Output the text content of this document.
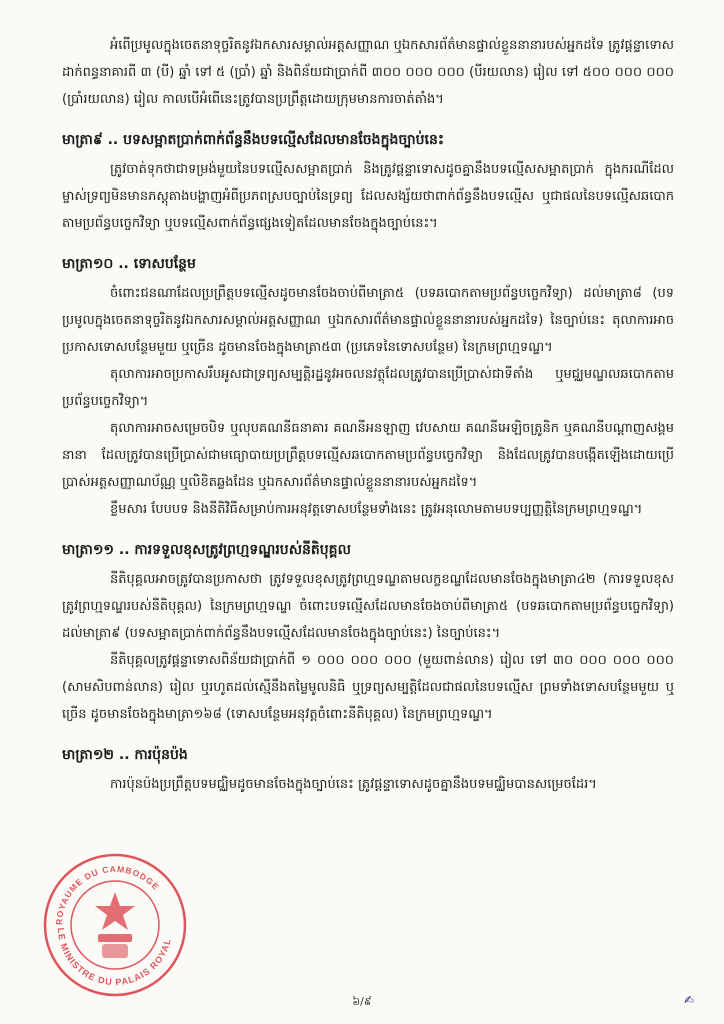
អំពើប្រមូលក្នុងចេតនាទុច្ចរិតនូវឯកសារសម្គាល់អត្តសញ្ញាណ ឬឯកសារព័ត៌មានផ្ទាល់ខ្លួននានារបស់អ្នកដទៃ ត្រូវផ្តន្ទាទោសដាក់ពន្ធនាគារពី ៣ (បី) ឆ្នាំ ទៅ ៥ (ប្រាំ) ឆ្នាំ និងពិន័យជាប្រាក់ពី ៣០០ ០០០ ០០០ (បីរយលាន) រៀល ទៅ ៥០០ ០០០ ០០០ (ប្រាំរយលាន) រៀល កាលបើអំពើនេះត្រូវបានប្រព្រឹត្តដោយក្រុមមានការចាត់តាំង។

មាត្រា៩ .. បទសម្អាតប្រាក់ពាក់ព័ន្ធនឹងបទល្មើសដែលមានចែងក្នុងច្បាប់នេះ

ត្រូវចាត់ទុកថាជាទម្រង់មួយនៃបទល្មើសសម្អាតប្រាក់ និងត្រូវផ្តន្ទាទោសដូចគ្នានឹងបទល្មើសសម្អាតប្រាក់ ក្នុងករណីដែលម្ចាស់ទ្រព្យមិនមានភស្តុតាងបង្ហាញអំពីប្រភពស្របច្បាប់នៃទ្រព្យ ដែលសង្ស័យថាពាក់ព័ន្ធនឹងបទល្មើស ឬជាផលនៃបទល្មើសឆបោកតាមប្រព័ន្ធបច្ចេកវិទ្យា ឬបទល្មើសពាក់ព័ន្ធផ្សេងទៀតដែលមានចែងក្នុងច្បាប់នេះ។

មាត្រា១០ .. ទោសបន្ថែម

ចំពោះជនណាដែលប្រព្រឹត្តបទល្មើសដូចមានចែងចាប់ពីមាត្រា៥ (បទឆបោកតាមប្រព័ន្ធបច្ចេកវិទ្យា) ដល់មាត្រា៨ (បទប្រមូលក្នុងចេតនាទុច្ចរិតនូវឯកសារសម្គាល់អត្តសញ្ញាណ ឬឯកសារព័ត៌មានផ្ទាល់ខ្លួននានារបស់អ្នកដទៃ) នៃច្បាប់នេះ តុលាការអាចប្រកាសទោសបន្ថែមមួយ ឬច្រើន ដូចមានចែងក្នុងមាត្រា៥៣ (ប្រភេទនៃទោសបន្ថែម) នៃក្រមព្រហ្មទណ្ឌ។

តុលាការអាចប្រកាសរឹបអូសជាទ្រព្យសម្បត្តិរដ្ឋនូវអចលនវត្ថុដែលត្រូវបានប្រើប្រាស់ជាទីតាំង ឬមជ្ឈមណ្ឌលឆបោកតាមប្រព័ន្ធបច្ចេកវិទ្យា។

តុលាការអាចសម្រេចបិទ ឬលុបគណនីធនាគារ គណនីអនឡាញ វេបសាយ គណនីអេឡិចត្រូនិក ឬគណនីបណ្តាញសង្គមនានា ដែលត្រូវបានប្រើប្រាស់ជាមធ្យោបាយប្រព្រឹត្តបទល្មើសឆបោកតាមប្រព័ន្ធបច្ចេកវិទ្យា និងដែលត្រូវបានបង្កើតឡើងដោយប្រើប្រាស់អត្តសញ្ញាណប័ណ្ណ ឬលិខិតឆ្លងដែន ឬឯកសារព័ត៌មានផ្ទាល់ខ្លួននានារបស់អ្នកដទៃ។

ខ្លឹមសារ បែបបទ និងនីតិវិធីសម្រាប់ការអនុវត្តទោសបន្ថែមទាំងនេះ ត្រូវអនុលោមតាមបទប្បញ្ញត្តិនៃក្រមព្រហ្មទណ្ឌ។

មាត្រា១១ .. ការទទួលខុសត្រូវព្រហ្មទណ្ឌរបស់នីតិបុគ្គល

នីតិបុគ្គលអាចត្រូវបានប្រកាសថា ត្រូវទទួលខុសត្រូវព្រហ្មទណ្ឌតាមលក្ខខណ្ឌដែលមានចែងក្នុងមាត្រា៤២ (ការទទួលខុសត្រូវព្រហ្មទណ្ឌរបស់នីតិបុគ្គល) នៃក្រមព្រហ្មទណ្ឌ ចំពោះបទល្មើសដែលមានចែងចាប់ពីមាត្រា៥ (បទឆបោកតាមប្រព័ន្ធបច្ចេកវិទ្យា) ដល់មាត្រា៩ (បទសម្អាតប្រាក់ពាក់ព័ន្ធនឹងបទល្មើសដែលមានចែងក្នុងច្បាប់នេះ) នៃច្បាប់នេះ។

នីតិបុគ្គលត្រូវផ្តន្ទាទោសពិន័យជាប្រាក់ពី ១ ០០០ ០០០ ០០០ (មួយពាន់លាន) រៀល ទៅ ៣០ ០០០ ០០០ ០០០ (សាមសិបពាន់លាន) រៀល ឬរហូតដល់ស្មើនឹងតម្លៃមូលនិធិ ឬទ្រព្យសម្បត្តិដែលជាផលនៃបទល្មើស ព្រមទាំងទោសបន្ថែមមួយ ឬច្រើន ដូចមានចែងក្នុងមាត្រា១៦៨ (ទោសបន្ថែមអនុវត្តចំពោះនីតិបុគ្គល) នៃក្រមព្រហ្មទណ្ឌ។

មាត្រា១២ .. ការប៉ុនប៉ង

ការប៉ុនប៉ងប្រព្រឹត្តបទមជ្ឈិមដូចមានចែងក្នុងច្បាប់នេះ ត្រូវផ្តន្ទាទោសដូចគ្នានឹងបទមជ្ឈិមបានសម្រេចដែរ។

ROYAUME DU CAMBODGE
LE MINISTRE DU PALAIS ROYAL
៦/៩	✍
